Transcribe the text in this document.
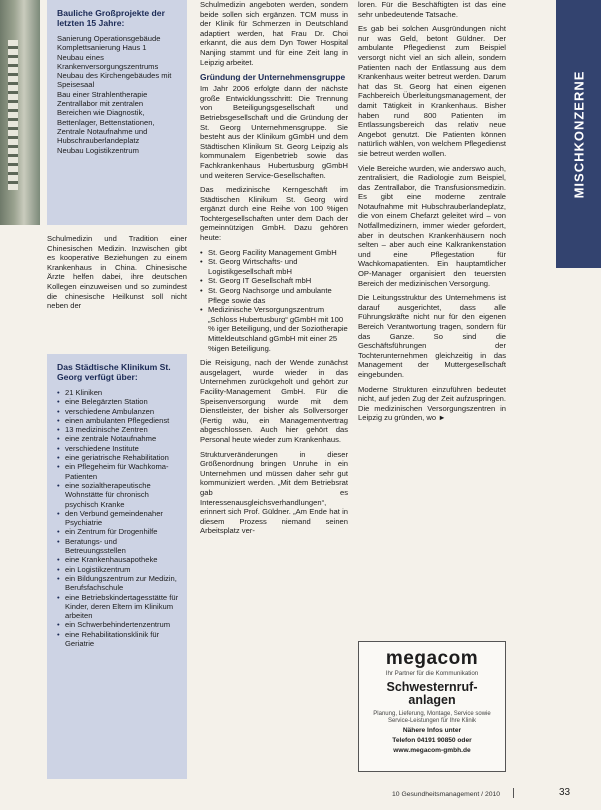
Bauliche Großprojekte der letzten 15 Jahre:
Sanierung Operationsgebäude
Komplettsanierung Haus 1
Neubau eines Krankenversorgungszentrums
Neubau des Kirchengebäudes mit Speisesaal
Bau einer Strahlentherapie
Zentrallabor mit zentralen Bereichen wie Diagnostik, Bettenlager, Bettenstationen, Zentrale Notaufnahme und Hubschrauberlandeplatz
Neubau Logistikzentrum

Schulmedizin und Tradition einer Chinesischen Medizin. Inzwischen gibt es kooperative Beziehungen zu einem Krankenhaus in China. Chinesische Ärzte helfen dabei, ihre deutschen Kollegen einzuweisen und so zumindest die chinesische Heilkunst soll nicht neben der

Das Städtische Klinikum St. Georg verfügt über:
• 21 Kliniken
• eine Belegärzten Station
• verschiedene Ambulanzen
• einen ambulanten Pflegedienst
• 13 medizinische Zentren
• eine zentrale Notaufnahme
• verschiedene Institute
• eine geriatrische Rehabilitation
• ein Pflegeheim für Wachkoma-Patienten
• eine sozialtherapeutische Wohnstätte für chronisch psychisch Kranke
• den Verbund gemeindenaher Psychiatrie
• ein Zentrum für Drogenhilfe
• Beratungs- und Betreuungsstellen
• eine Krankenhausapotheke
• ein Logistikzentrum
• ein Bildungszentrum zur Medizin, Berufsfachschule
• eine Betriebskindertagesstätte für Kinder, deren Eltern im Klinikum arbeiten
• ein Schwerbehindertenzentrum
• eine Rehabilitationsklinik für Geriatrie

Schulmedizin angeboten werden, sondern beide sollen sich ergänzen. TCM muss in der Klinik für Schmerzen in Deutschland adaptiert werden, hat Frau Dr. Choi erkannt, die aus dem Dyn Tower Hospital Nanjing stammt und für eine Zeit lang in Leipzig arbeitet.

Gründung der Unternehmensgruppe

Im Jahr 2006 erfolgte dann der nächste große Entwicklungsschritt: Die Trennung von Beteiligungsgesellschaft und Betriebsgesellschaft und die Gründung der St. Georg Unternehmensgruppe. Sie besteht aus der Klinikum gGmbH und dem Städtischen Klinikum St. Georg Leipzig als kommunalem Eigenbetrieb sowie das Fachkrankenhaus Hubertusburg gGmbH und weiteren Service-Gesellschaften.

Das medizinische Kerngeschäft im Städtischen Klinikum St. Georg wird ergänzt durch eine Reihe von 100 %igen Tochtergesellschaften unter dem Dach der gemeinnützigen GmbH. Dazu gehören heute:

• St. Georg Facility Management GmbH
• St. Georg Wirtschafts- und Logistikgesellschaft mbH
• St. Georg IT Gesellschaft mbH
• St. Georg Nachsorge und ambulante Pflege sowie das
• Medizinische Versorgungszentrum „Schloss Hubertusburg“ gGmbH mit 100 % iger Beteiligung, und der Soziotherapie Mitteldeutschland gGmbH mit einer 25 %igen Beteiligung.

Die Reisigung, nach der Wende zunächst ausgelagert, wurde wieder in das Unternehmen zurückgeholt und gehört zur Facility-Management GmbH. Für die Speisenversorgung wurde mit dem Dienstleister, der bisher als Sollversorger (Fertig wäu, ein Managementvertrag abgeschlossen. Auch hier gehört das Personal heute wieder zum Krankenhaus.

Strukturveränderungen in dieser Größenordnung bringen Unruhe in ein Unternehmen und müssen daher sehr gut kommuniziert werden. „Mit dem Betriebsrat gab es Interessenausgleichsverhandlungen“, erinnert sich Prof. Güldner. „Am Ende hat in diesem Prozess niemand seinen Arbeitsplatz ver-

loren. Für die Beschäftigten ist das eine sehr unbedeutende Tatsache.

Es gab bei solchen Ausgründungen nicht nur was Geld, betont Güldner. Der ambulante Pflegedienst zum Beispiel versorgt nicht viel an sich allein, sondern Patienten nach der Entlassung aus dem Krankenhaus weiter betreut werden. Darum hat das St. Georg hat einen eigenen Fachbereich Überleitungsmanagement, der damit Tätigkeit in Krankenhaus. Bisher haben rund 800 Patienten im Entlassungsbereich das relativ neue Angebot genutzt. Die Patienten können natürlich wählen, von welchem Pflegedienst sie betreut werden wollen.

Viele Bereiche wurden, wie anderswo auch, zentralisiert, die Radiologie zum Beispiel, das Zentrallabor, die Transfusionsmedizin. Es gibt eine moderne zentrale Notaufnahme mit Hubschrauberlandeplatz, die von einem Chefarzt geleitet wird – von Notfallmedizinern, immer wieder gefordert, aber in deutschen Krankenhäusern noch selten – aber auch eine Kalkrankenstation und eine Pflegestation für Wachkomapatienten. Ein hauptamtlicher OP-Manager organisiert den teuersten Bereich der medizinischen Versorgung.

Die Leitungsstruktur des Unternehmens ist darauf ausgerichtet, dass alle Führungskräfte nicht nur für den eigenen Bereich Verantwortung tragen, sondern für das Ganze. So sind die Geschäftsführungen der Tochterunternehmen gleichzeitig in das Management der Muttergesellschaft eingebunden.

Moderne Strukturen einzuführen bedeutet nicht, auf jeden Zug der Zeit aufzuspringen. Die medizinischen Versorgungszentren in Leipzig zu gründen, wo ►

MISCHKONZERNE
megacom
Ihr Partner für die Kommunikation
Schwesternruf-anlagen
Planung, Lieferung, Montage, Service sowie Service-Leistungen für Ihre Klinik
Nähere Infos unter
Telefon 04191 90850 oder
www.megacom-gmbh.de
10 Gesundheitsmanagement / 2010	33
